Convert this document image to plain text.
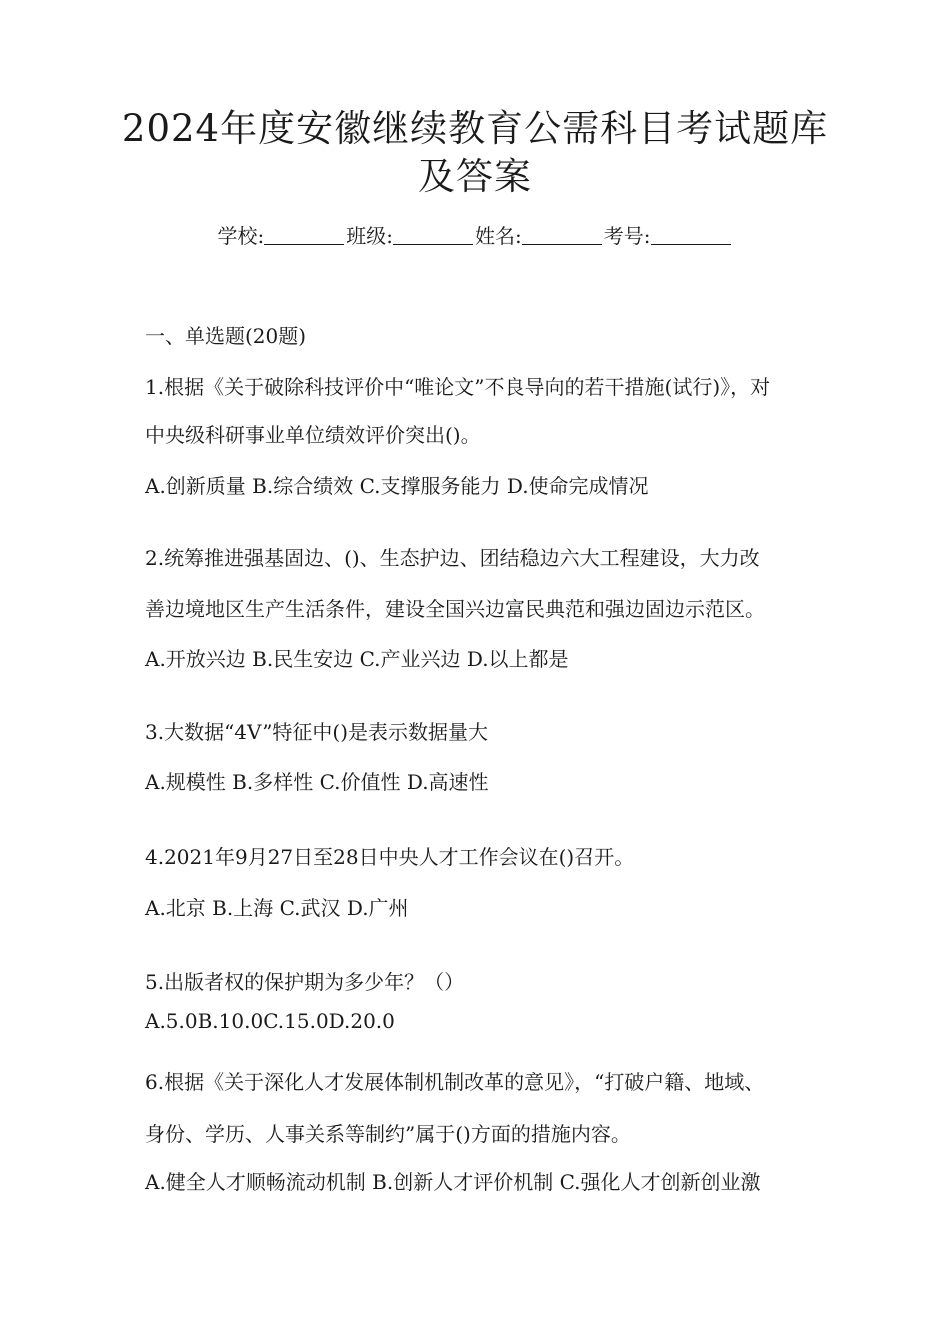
2024年度安徽继续教育公需科目考试题库
及答案
学校:	班级:	姓名:	考号:
一、单选题(20题)
1.根据《关于破除科技评价中“唯论文”不良导向的若干措施(试行)》，对
中央级科研事业单位绩效评价突出()。
A.创新质量 B.综合绩效 C.支撑服务能力 D.使命完成情况
2.统筹推进强基固边、()、生态护边、团结稳边六大工程建设，大力改
善边境地区生产生活条件，建设全国兴边富民典范和强边固边示范区。
A.开放兴边 B.民生安边 C.产业兴边 D.以上都是
3.大数据“4V”特征中()是表示数据量大
A.规模性 B.多样性 C.价值性 D.高速性
4.2021年9月27日至28日中央人才工作会议在()召开。
A.北京 B.上海 C.武汉 D.广州
5.出版者权的保护期为多少年？（）
A.5.0B.10.0C.15.0D.20.0
6.根据《关于深化人才发展体制机制改革的意见》，“打破户籍、地域、
身份、学历、人事关系等制约”属于()方面的措施内容。
A.健全人才顺畅流动机制 B.创新人才评价机制 C.强化人才创新创业激
